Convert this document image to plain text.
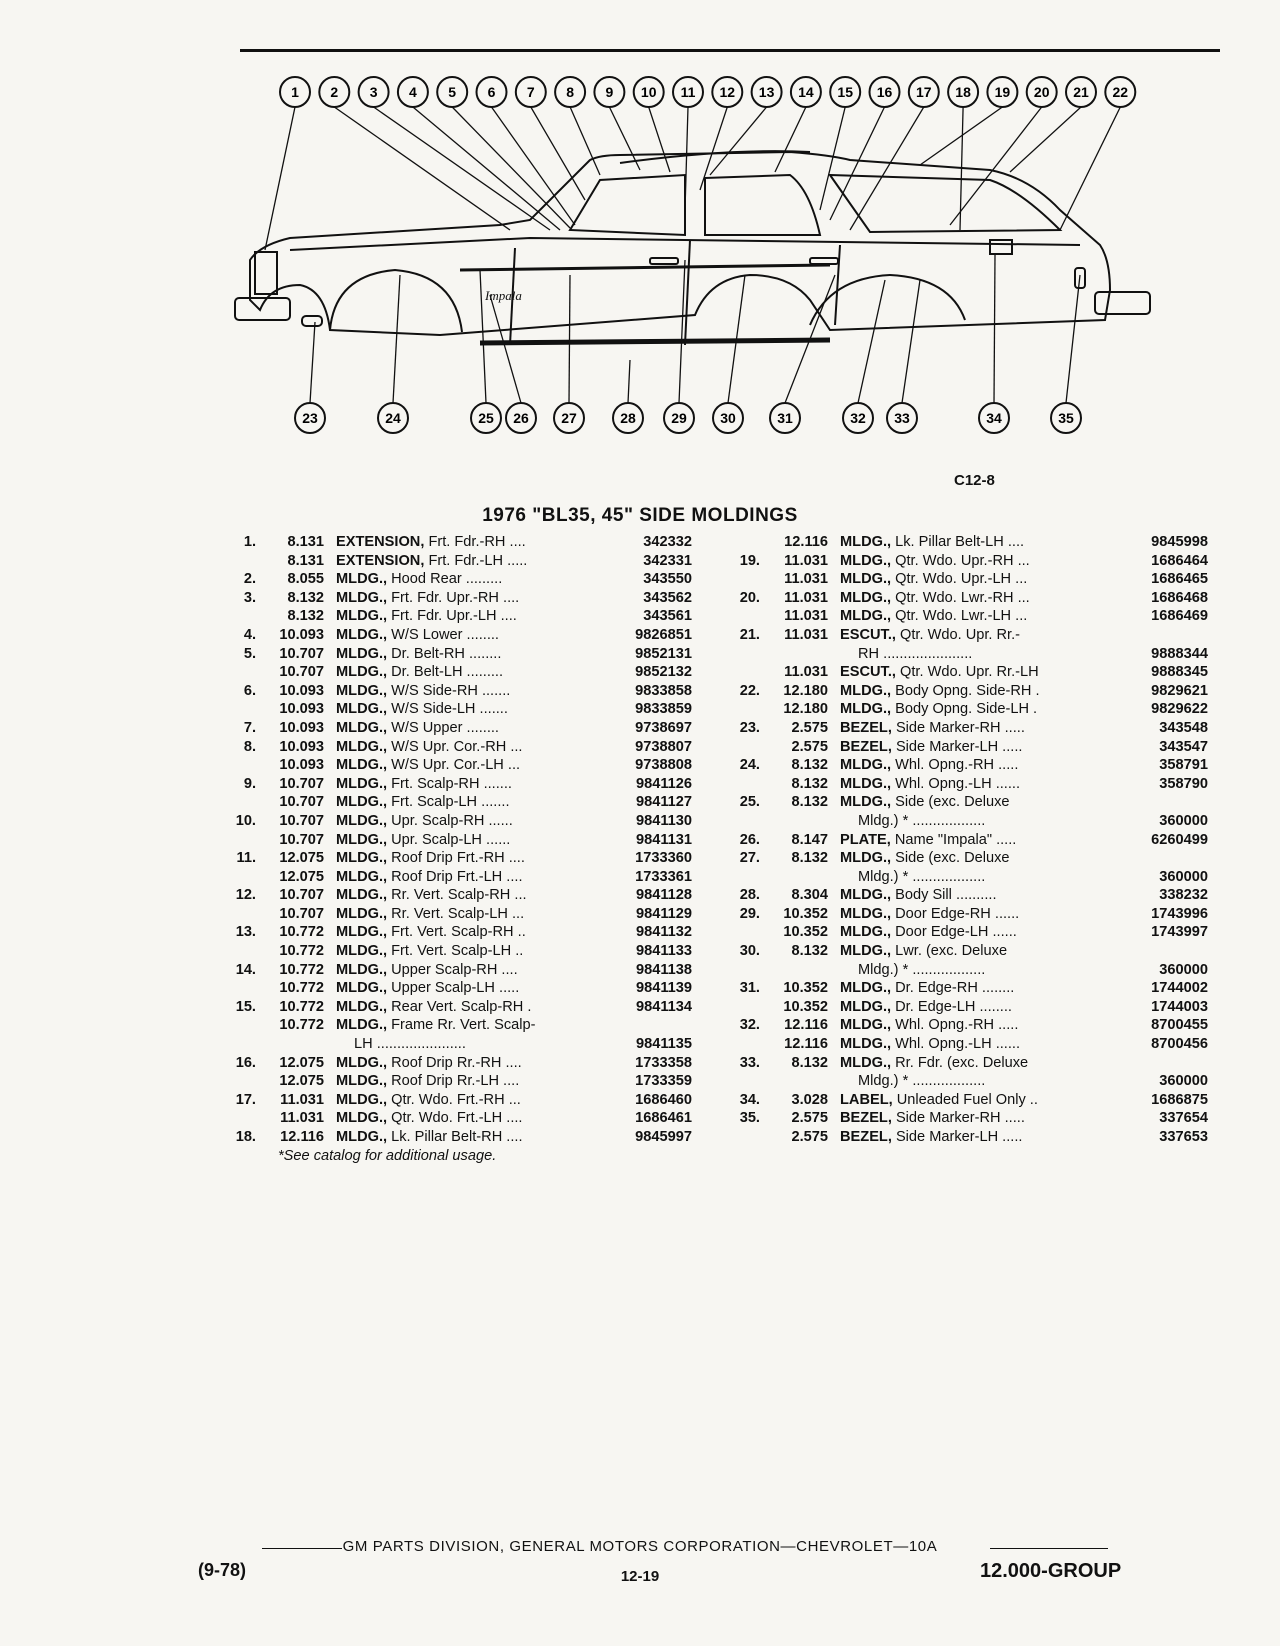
Impala
1 2 3 4 5 6 7 8 9 10 11 12 13 14 15 16 17 18 19 20 21 22
23	24	25 26 27	28	29 30	31	32 33	34	35
C12-8
1976 "BL35, 45" SIDE MOLDINGS
1.	8.131 EXTENSION, Frt. Fdr.-RH ....	342332
8.131 EXTENSION, Frt. Fdr.-LH .....	342331
2.	8.055 MLDG., Hood Rear .........	343550
3.	8.132 MLDG., Frt. Fdr. Upr.-RH ....	343562
8.132 MLDG., Frt. Fdr. Upr.-LH ....	343561
4.	10.093 MLDG., W/S Lower ........	9826851
5.	10.707 MLDG., Dr. Belt-RH ........	9852131
10.707 MLDG., Dr. Belt-LH .........	9852132
6.	10.093 MLDG., W/S Side-RH .......	9833858
10.093 MLDG., W/S Side-LH .......	9833859
7.	10.093 MLDG., W/S Upper ........	9738697
8.	10.093 MLDG., W/S Upr. Cor.-RH ...	9738807
10.093 MLDG., W/S Upr. Cor.-LH ...	9738808
9.	10.707 MLDG., Frt. Scalp-RH .......	9841126
10.707 MLDG., Frt. Scalp-LH .......	9841127
10.	10.707 MLDG., Upr. Scalp-RH ......	9841130
10.707 MLDG., Upr. Scalp-LH ......	9841131
11.	12.075 MLDG., Roof Drip Frt.-RH ....	1733360
12.075 MLDG., Roof Drip Frt.-LH ....	1733361
12.	10.707 MLDG., Rr. Vert. Scalp-RH ...	9841128
10.707 MLDG., Rr. Vert. Scalp-LH ...	9841129
13.	10.772 MLDG., Frt. Vert. Scalp-RH ..	9841132
10.772 MLDG., Frt. Vert. Scalp-LH ..	9841133
14.	10.772 MLDG., Upper Scalp-RH ....	9841138
10.772 MLDG., Upper Scalp-LH .....	9841139
15.	10.772 MLDG., Rear Vert. Scalp-RH .	9841134
10.772 MLDG., Frame Rr. Vert. Scalp-
LH ......................	9841135
16.	12.075 MLDG., Roof Drip Rr.-RH ....	1733358
12.075 MLDG., Roof Drip Rr.-LH ....	1733359
17.	11.031 MLDG., Qtr. Wdo. Frt.-RH ...	1686460
11.031 MLDG., Qtr. Wdo. Frt.-LH ....	1686461
18.	12.116 MLDG., Lk. Pillar Belt-RH ....	9845997
*See catalog for additional usage.
12.116 MLDG., Lk. Pillar Belt-LH ....	9845998
19.	11.031 MLDG., Qtr. Wdo. Upr.-RH ...	1686464
11.031 MLDG., Qtr. Wdo. Upr.-LH ...	1686465
20.	11.031 MLDG., Qtr. Wdo. Lwr.-RH ...	1686468
11.031 MLDG., Qtr. Wdo. Lwr.-LH ...	1686469
21.	11.031 ESCUT., Qtr. Wdo. Upr. Rr.-
RH ......................	9888344
11.031 ESCUT., Qtr. Wdo. Upr. Rr.-LH	9888345
22.	12.180 MLDG., Body Opng. Side-RH .	9829621
12.180 MLDG., Body Opng. Side-LH .	9829622
23.	2.575 BEZEL, Side Marker-RH .....	343548
2.575 BEZEL, Side Marker-LH .....	343547
24.	8.132 MLDG., Whl. Opng.-RH .....	358791
8.132 MLDG., Whl. Opng.-LH ......	358790
25.	8.132 MLDG., Side (exc. Deluxe
Mldg.) * ..................	360000
26.	8.147 PLATE, Name "Impala" .....	6260499
27.	8.132 MLDG., Side (exc. Deluxe
Mldg.) * ..................	360000
28.	8.304 MLDG., Body Sill ..........	338232
29.	10.352 MLDG., Door Edge-RH ......	1743996
10.352 MLDG., Door Edge-LH ......	1743997
30.	8.132 MLDG., Lwr. (exc. Deluxe
Mldg.) * ..................	360000
31.	10.352 MLDG., Dr. Edge-RH ........	1744002
10.352 MLDG., Dr. Edge-LH ........	1744003
32.	12.116 MLDG., Whl. Opng.-RH .....	8700455
12.116 MLDG., Whl. Opng.-LH ......	8700456
33.	8.132 MLDG., Rr. Fdr. (exc. Deluxe
Mldg.) * ..................	360000
34.	3.028 LABEL, Unleaded Fuel Only ..	1686875
35.	2.575 BEZEL, Side Marker-RH .....	337654
2.575 BEZEL, Side Marker-LH .....	337653
GM PARTS DIVISION, GENERAL MOTORS CORPORATION—CHEVROLET—10A
(9-78)	12-19	12.000-GROUP
